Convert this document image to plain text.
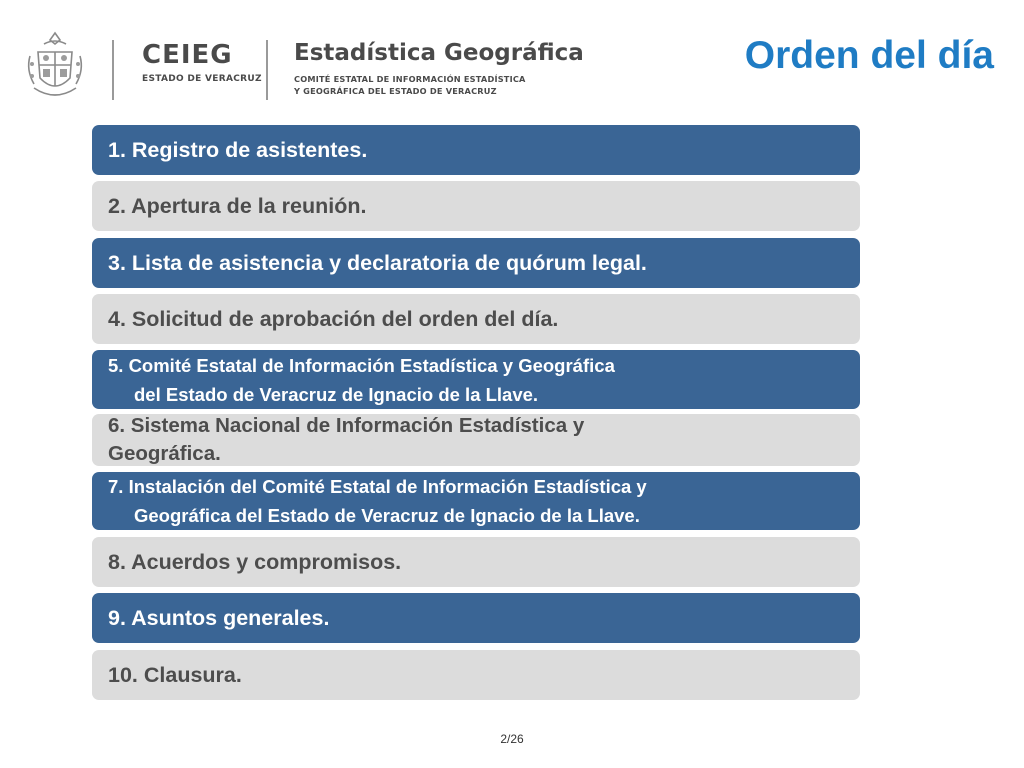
CEIEG
ESTADO DE VERACRUZ
Estadística Geográfica
COMITÉ ESTATAL DE INFORMACIÓN ESTADÍSTICA
Y GEOGRÁFICA DEL ESTADO DE VERACRUZ
Orden del día
1. Registro de asistentes.
2. Apertura de la reunión.
3. Lista de asistencia y declaratoria de quórum legal.
4. Solicitud de aprobación del orden del día.
5. Comité Estatal de Información Estadística y Geográfica
del Estado de Veracruz de Ignacio de la Llave.
6. Sistema Nacional de Información Estadística y
Geográfica.
7. Instalación del Comité Estatal de Información Estadística y
Geográfica del Estado de Veracruz de Ignacio de la Llave.
8. Acuerdos y compromisos.
9. Asuntos generales.
10. Clausura.
2/26
